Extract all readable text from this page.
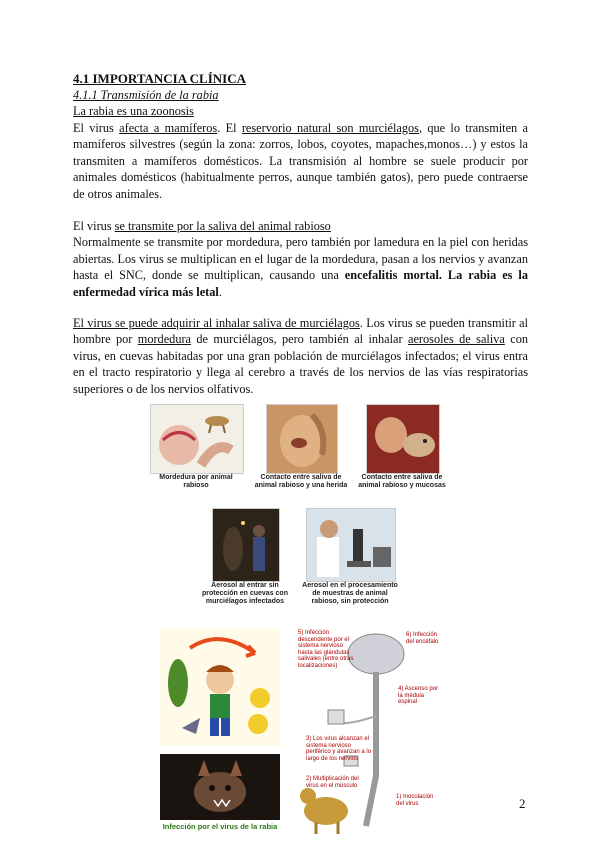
4.1 IMPORTANCIA CLÍNICA
4.1.1 Transmisión de la rabia
La rabia es una zoonosis
El virus afecta a mamíferos. El reservorio natural son murciélagos, que lo transmiten a mamíferos silvestres (según la zona: zorros, lobos, coyotes, mapaches,monos…) y estos la transmiten a mamíferos domésticos. La transmisión al hombre se suele producir por animales domésticos (habitualmente perros, aunque también gatos), pero puede contraerse de otros animales.
El virus se transmite por la saliva del animal rabioso
Normalmente se transmite por mordedura, pero también por lamedura en la piel con heridas abiertas. Los virus se multiplican en el lugar de la mordedura, pasan a los nervios y avanzan hasta el SNC, donde se multiplican, causando una encefalitis mortal. La rabia es la enfermedad vírica más letal.
El virus se puede adquirir al inhalar saliva de murciélagos. Los virus se pueden transmitir al hombre por mordedura de murciélagos, pero también al inhalar aerosoles de saliva con virus, en cuevas habitadas por una gran población de murciélagos infectados; el virus entra en el tracto respiratorio y llega al cerebro a través de los nervios de las vías respiratorias superiores o de los nervios olfativos.
Mordedura por animal rabioso
Contacto entre saliva de animal rabioso y una herida
Contacto entre saliva de animal rabioso y mucosas
Aerosol al entrar sin protección en cuevas con murciélagos infectados
Aerosol en el procesamiento de muestras de animal rabioso, sin protección
Infección por el virus de la rabia
5) Infección descendente por el sistema nervioso hasta las glándulas salivales (entre otras localizaciones)
6) Infección del encéfalo
4) Ascenso por la médula espinal
3) Los virus alcanzan el sistema nervioso periférico y avanzan a lo largo de los nervios
2) Multiplicación del virus en el músculo
1) Inoculación del virus	2
